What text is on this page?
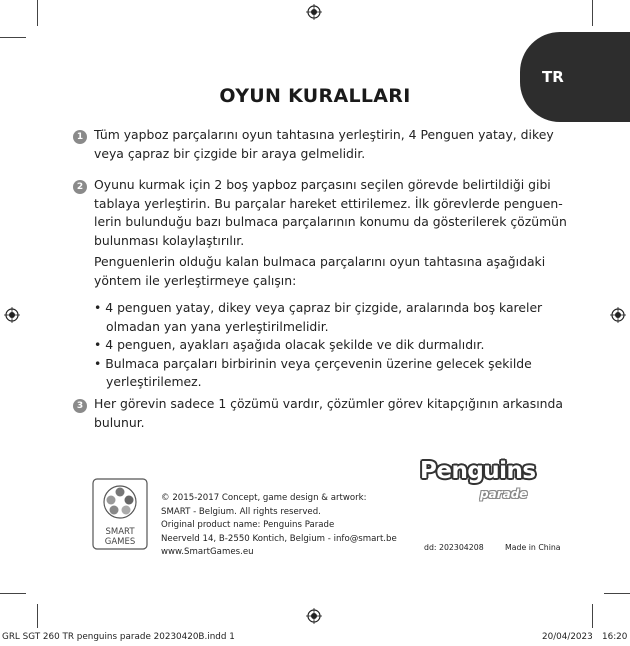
TR
OYUN KURALLARI
1 Tüm yapboz parçalarını oyun tahtasına yerleştirin, 4 Penguen yatay, dikey
veya çapraz bir çizgide bir araya gelmelidir.
2 Oyunu kurmak için 2 boş yapboz parçasını seçilen görevde belirtildiği gibi
tablaya yerleştirin. Bu parçalar hareket ettirilemez. İlk görevlerde penguen-
lerin bulunduğu bazı bulmaca parçalarının konumu da gösterilerek çözümün
bulunması kolaylaştırılır.
Penguenlerin olduğu kalan bulmaca parçalarını oyun tahtasına aşağıdaki
yöntem ile yerleştirmeye çalışın:
• 4 penguen yatay, dikey veya çapraz bir çizgide, aralarında boş kareler
olmadan yan yana yerleştirilmelidir.
• 4 penguen, ayakları aşağıda olacak şekilde ve dik durmalıdır.
• Bulmaca parçaları birbirinin veya çerçevenin üzerine gelecek şekilde
yerleştirilemez.
3 Her görevin sadece 1 çözümü vardır, çözümler görev kitapçığının arkasında
bulunur.
SMART
GAMES
© 2015-2017 Concept, game design & artwork:
SMART - Belgium. All rights reserved.
Original product name: Penguins Parade
Neerveld 14, B-2550 Kontich, Belgium - info@smart.be
www.SmartGames.eu
Penguins
parade
dd: 202304208	Made in China
GRL SGT 260 TR penguins parade 20230420B.indd 1	20/04/2023 16:20
